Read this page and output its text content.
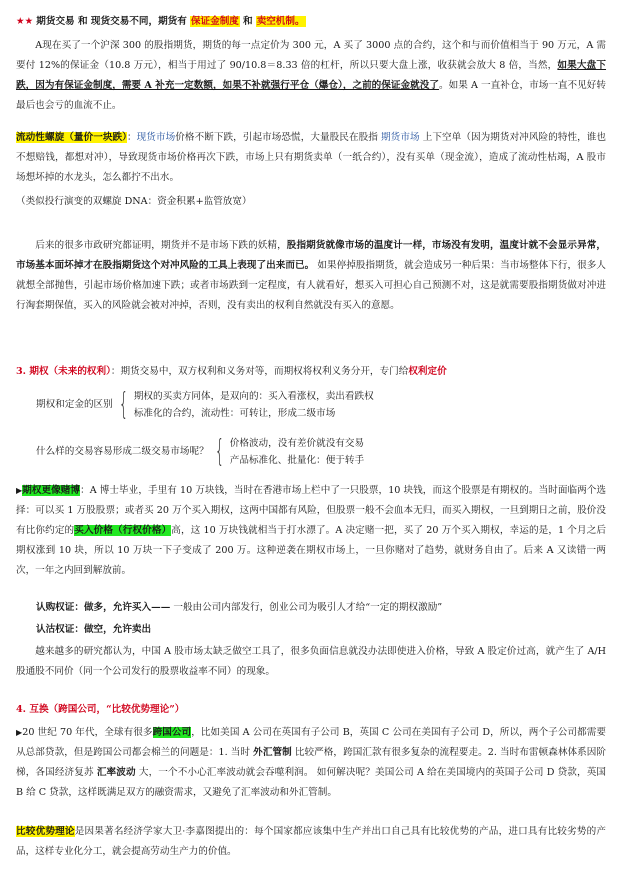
★★ 期货交易 和 现货交易不同，期货有 保证金制度 和 卖空机制。

A现在买了一个沪深 300 的股指期货，期货的每一点定价为 300 元，A 买了 3000 点的合约，这个和与而价值相当于 90 万元，A 需要付 12%的保证金（10.8 万元），相当于用过了 90/10.8＝8.33 倍的杠杆，所以只要大盘上涨，收获就会放大 8 倍，当然，如果大盘下跌，因为有保证金制度，需要 A 补充一定数额，如果不补就强行平仓（爆仓），之前的保证金就没了。如果 A 一直补仓，市场一直不见好转最后也会亏的血流不止。

流动性螺旋（量价一块跌）：现货市场价格不断下跌，引起市场恐慌，大量股民在股指 期货市场 上下空单（因为期货对冲风险的特性，谁也不想赔钱，都想对冲），导致现货市场价格再次下跌，市场上只有期货卖单（一纸合约），没有买单（现金流），造成了流动性枯竭，A 股市场想坏掉的水龙头，怎么都拧不出水。

（类似投行演变的双螺旋 DNA：资金积累+监管放宽）

后来的很多市政研究都证明，期货并不是市场下跌的妖精，股指期货就像市场的温度计一样，市场没有发明，温度计就不会显示异常，市场基本面坏掉才在股指期货这个对冲风险的工具上表现了出来而已。 如果停掉股指期货，就会造成另一种后果：当市场整体下行，很多人就想全部抛售，引起市场价格加速下跌；或者市场跌到一定程度，有人就看好，想买入可担心自己预测不对，这是就需要股指期货做对冲进行淘套期保值，买入的风险就会被对冲掉，否则，没有卖出的权利自然就没有买入的意愿。

3. 期权（未来的权利）：期货交易中，双方权利和义务对等，而期权将权利义务分开，专门给权利定价

期权和定金的区别 { 期权的买卖方同体，是双向的：买入看涨权，卖出看跌权
标准化的合约，流动性：可转让，形成二级市场
什么样的交易容易形成二级交易市场呢？ { 价格波动，没有差价就没有交易
产品标准化、批量化：便于转手

▶期权更像赌博：A 博士毕业，手里有 10 万块钱，当时在香港市场上栏中了一只股票，10 块钱，而这个股票是有期权的。当时面临两个选择：可以买 1 万股股票；或者买 20 万个买入期权，这两中国都有风险，但股票一般不会血本无归，而买入期权，一旦到期日之前，股价没有比你约定的买入价格（行权价格）高，这 10 万块钱就相当于打水漂了。A 决定赌一把，买了 20 万个买入期权，幸运的是，1 个月之后期权涨到 10 块，所以 10 万块一下子变成了 200 万。这种逆袭在期权市场上，一旦你赌对了趋势，就财务自由了。后来 A 又读错一两次，一年之内回到解放前。

认购权证：做多，允许买入—— 一般由公司内部发行，创业公司为吸引人才给“一定的期权激励”

认沽权证：做空，允许卖出

越来越多的研究都认为，中国 A 股市场太缺乏做空工具了，很多负面信息就没办法即使进入价格，导致 A 股定价过高，就产生了 A/H 股通股不同价（同一个公司发行的股票收益率不同）的现象。

4. 互换（跨国公司，“比较优势理论”）

▶20 世纪 70 年代，全球有很多跨国公司，比如美国 A 公司在英国有子公司 B，英国 C 公司在美国有子公司 D，所以，两个子公司都需要从总部贷款，但是跨国公司都会棉兰的问题是：1. 当时 外汇管制 比较严格，跨国汇款有很多复杂的流程要走。2. 当时布雷顿森林体系因阶梯，各国经济复苏 汇率波动 大，一个不小心汇率波动就会吞噬利润。 如何解决呢？美国公司 A 给在美国境内的英国子公司 D 贷款，英国 B 给 C 贷款，这样既满足双方的融资需求，又避免了汇率波动和外汇管制。

比较优势理论是因果著名经济学家大卫·李嘉图提出的：每个国家都应该集中生产并出口自己具有比较优势的产品，进口具有比较劣势的产品，这样专业化分工，就会提高劳动生产力的价值。
